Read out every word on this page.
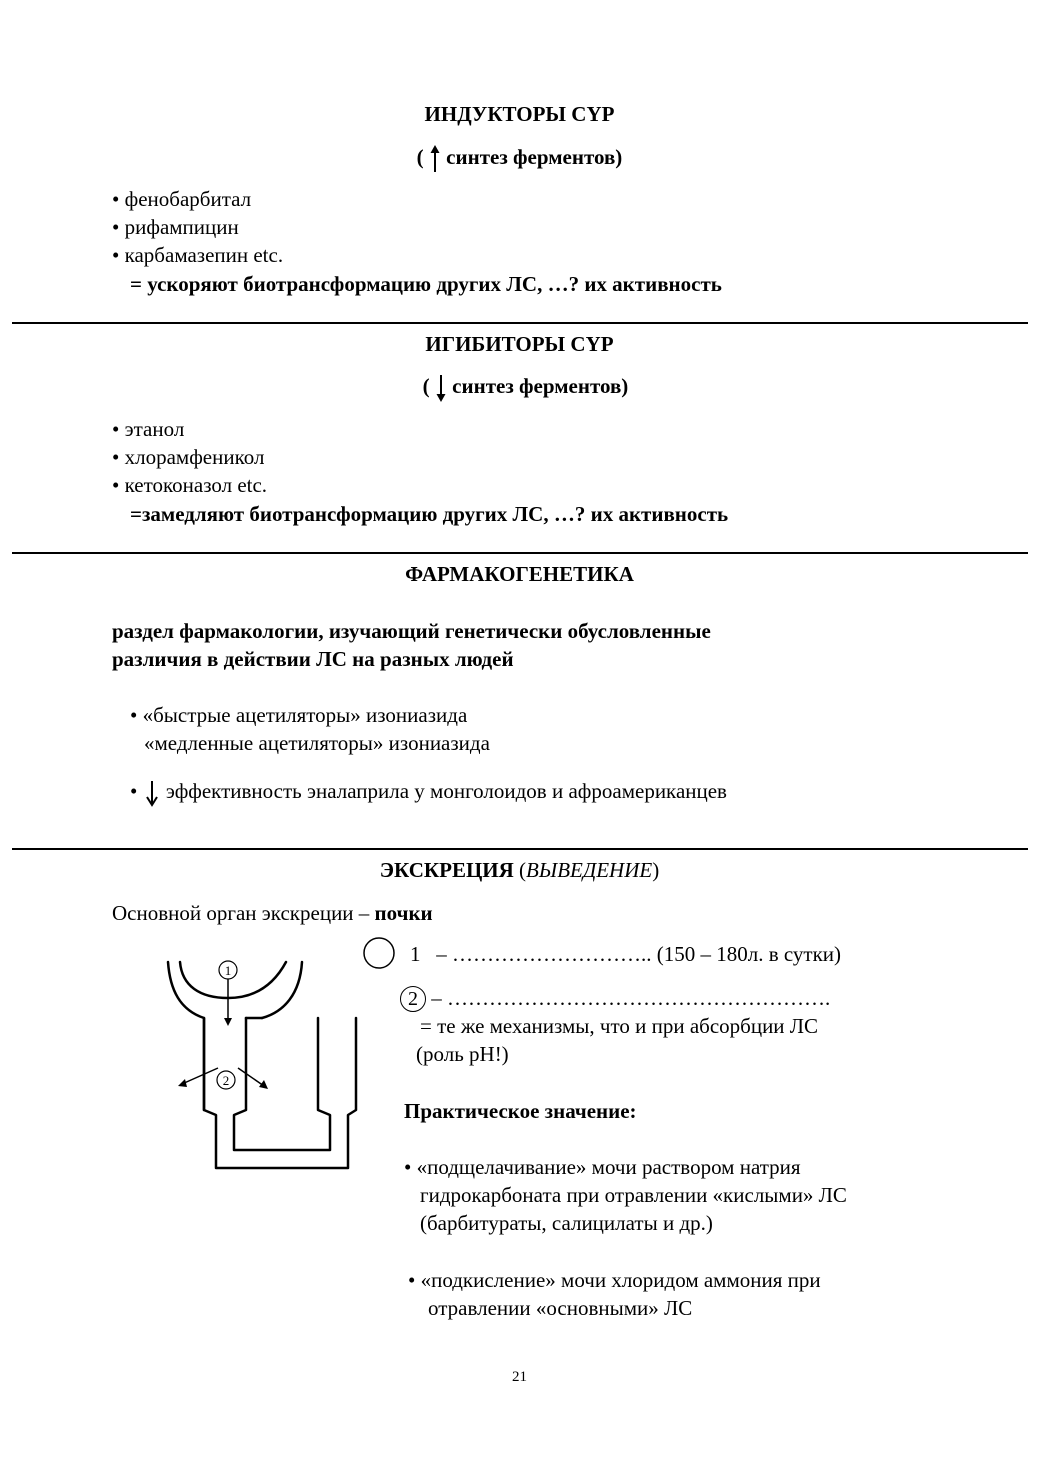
ИНДУКТОРЫ CYP
( синтез ферментов)
• фенобарбитал
• рифампицин
• карбамазепин etc.
= ускоряют биотрансформацию других ЛС, …? их активность
ИГИБИТОРЫ CYP
( синтез ферментов)
• этанол
• хлорамфеникол
• кетоконазол etc.
=замедляют биотрансформацию других ЛС, …? их активность
ФАРМАКОГЕНЕТИКА
раздел фармакологии, изучающий генетически обусловленные
различия в действии ЛС на разных людей
• «быстрые ацетиляторы» изониазида
«медленные ацетиляторы» изониазида
• эффективность эналаприла у монголоидов и афроамериканцев
ЭКСКРЕЦИЯ (ВЫВЕДЕНИЕ)
Основной орган экскреции – почки
1 – ……………………….. (150 – 180л. в сутки)
2 – ……………………………………………….
= те же механизмы, что и при абсорбции ЛС
(роль рН!)
Практическое значение:
• «подщелачивание» мочи раствором натрия
гидрокарбоната при отравлении «кислыми» ЛС
(барбитураты, салицилаты и др.)
• «подкисление» мочи хлоридом аммония при
отравлении «основными» ЛС
1
2
21
